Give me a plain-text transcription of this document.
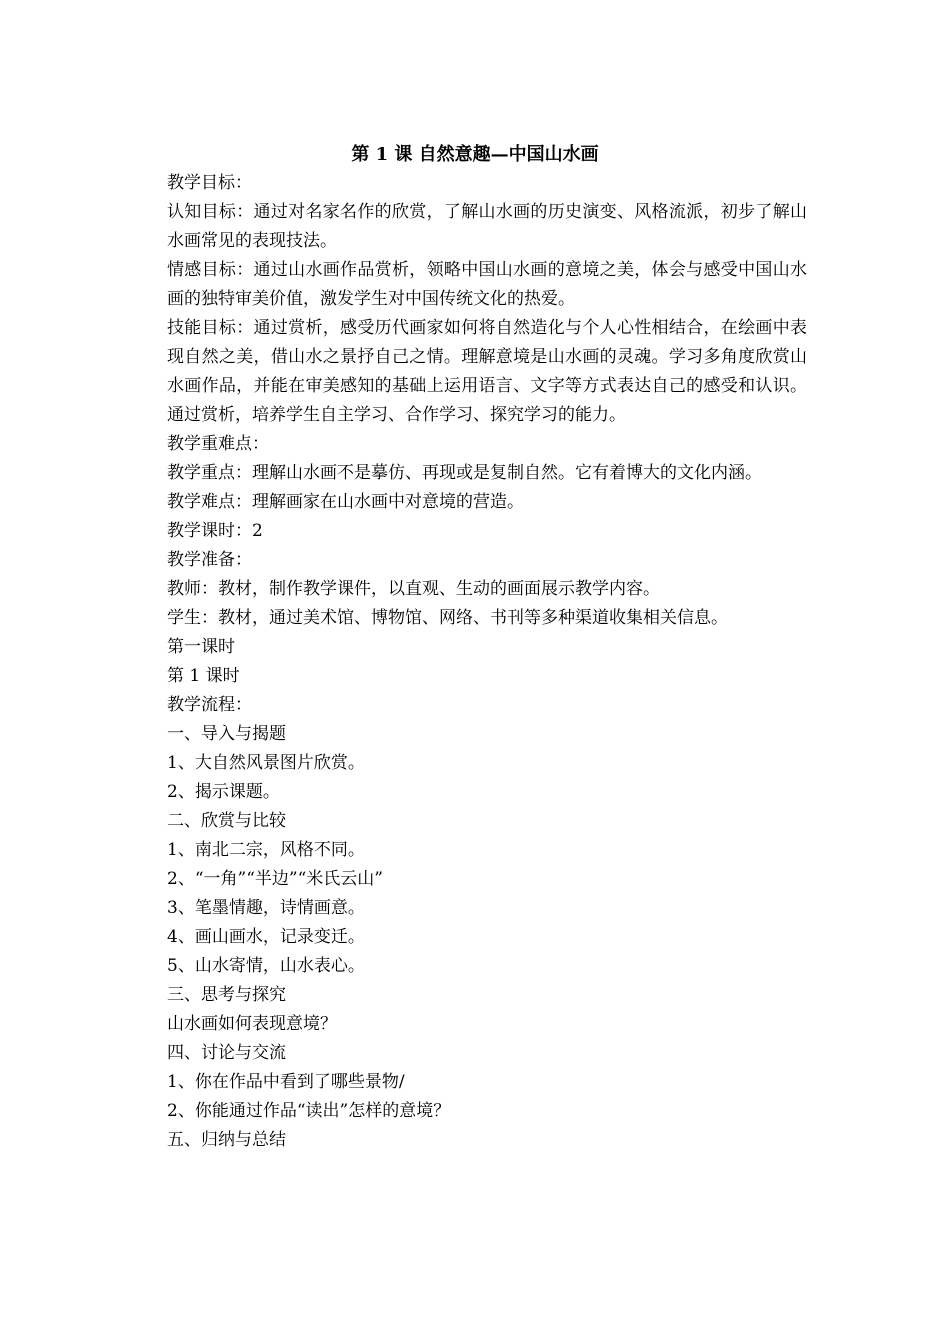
第 1 课 自然意趣—中国山水画
教学目标：
认知目标：通过对名家名作的欣赏，了解山水画的历史演变、风格流派，初步了解山水画常见的表现技法。
情感目标：通过山水画作品赏析，领略中国山水画的意境之美，体会与感受中国山水画的独特审美价值，激发学生对中国传统文化的热爱。
技能目标：通过赏析，感受历代画家如何将自然造化与个人心性相结合，在绘画中表现自然之美，借山水之景抒自己之情。理解意境是山水画的灵魂。学习多角度欣赏山水画作品，并能在审美感知的基础上运用语言、文字等方式表达自己的感受和认识。通过赏析，培养学生自主学习、合作学习、探究学习的能力。
教学重难点：
教学重点：理解山水画不是摹仿、再现或是复制自然。它有着博大的文化内涵。
教学难点：理解画家在山水画中对意境的营造。
教学课时：2
教学准备：
教师：教材，制作教学课件，以直观、生动的画面展示教学内容。
学生：教材，通过美术馆、博物馆、网络、书刊等多种渠道收集相关信息。
第一课时
第 1 课时
教学流程：
一、导入与揭题
1、大自然风景图片欣赏。
2、揭示课题。
二、欣赏与比较
1、南北二宗，风格不同。
2、“一角”“半边”“米氏云山”
3、笔墨情趣，诗情画意。
4、画山画水，记录变迁。
5、山水寄情，山水表心。
三、思考与探究
山水画如何表现意境？
四、讨论与交流
1、你在作品中看到了哪些景物/
2、你能通过作品“读出”怎样的意境？
五、归纳与总结
